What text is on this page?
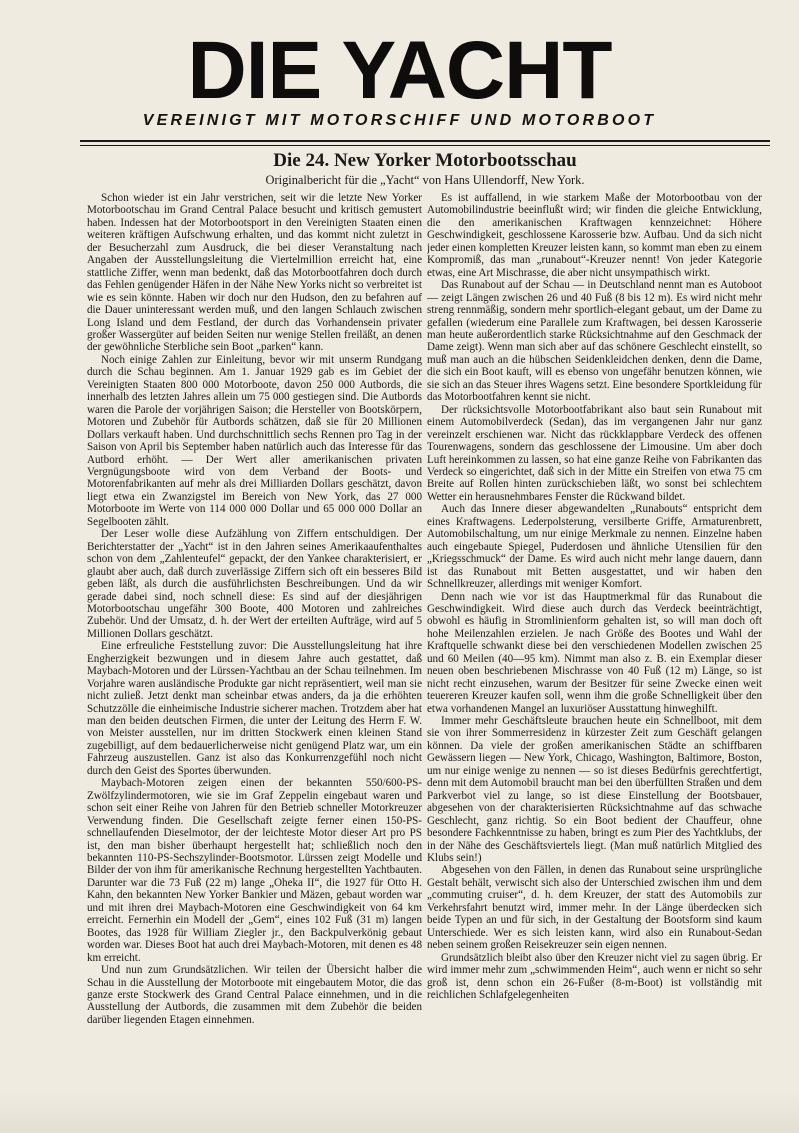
DIE YACHT
VEREINIGT MIT MOTORSCHIFF UND MOTORBOOT
Die 24. New Yorker Motorbootsschau
Originalbericht für die „Yacht“ von Hans Ullendorff, New York.

Schon wieder ist ein Jahr verstrichen, seit wir die letzte New Yorker Motorbootschau im Grand Central Palace besucht und kritisch gemustert haben. Indessen hat der Motorbootsport in den Vereinigten Staaten einen weiteren kräftigen Aufschwung erhalten, und das kommt nicht zuletzt in der Besucherzahl zum Ausdruck, die bei dieser Veranstaltung nach Angaben der Ausstellungsleitung die Viertelmillion erreicht hat, eine stattliche Ziffer, wenn man bedenkt, daß das Motorbootfahren doch durch das Fehlen genügender Häfen in der Nähe New Yorks nicht so verbreitet ist wie es sein könnte. Haben wir doch nur den Hudson, den zu befahren auf die Dauer uninteressant werden muß, und den langen Schlauch zwischen Long Island und dem Festland, der durch das Vorhandensein privater großer Wassergüter auf beiden Seiten nur wenige Stellen freiläßt, an denen der gewöhnliche Sterbliche sein Boot „parken“ kann.

Noch einige Zahlen zur Einleitung, bevor wir mit unserm Rundgang durch die Schau beginnen. Am 1. Januar 1929 gab es im Gebiet der Vereinigten Staaten 800 000 Motorboote, davon 250 000 Autbords, die innerhalb des letzten Jahres allein um 75 000 gestiegen sind. Die Autbords waren die Parole der vorjährigen Saison; die Hersteller von Bootskörpern, Motoren und Zubehör für Autbords schätzen, daß sie für 20 Millionen Dollars verkauft haben. Und durchschnittlich sechs Rennen pro Tag in der Saison von April bis September haben natürlich auch das Interesse für das Autbord erhöht. — Der Wert aller amerikanischen privaten Vergnügungsboote wird von dem Verband der Boots- und Motorenfabrikanten auf mehr als drei Milliarden Dollars geschätzt, davon liegt etwa ein Zwanzigstel im Bereich von New York, das 27 000 Motorboote im Werte von 114 000 000 Dollar und 65 000 000 Dollar an Segelbooten zählt.

Der Leser wolle diese Aufzählung von Ziffern entschuldigen. Der Berichterstatter der „Yacht“ ist in den Jahren seines Amerikaaufenthaltes schon von dem „Zahlenteufel“ gepackt, der den Yankee charakterisiert, er glaubt aber auch, daß durch zuverlässige Ziffern sich oft ein besseres Bild geben läßt, als durch die ausführlichsten Beschreibungen. Und da wir gerade dabei sind, noch schnell diese: Es sind auf der diesjährigen Motorbootschau ungefähr 300 Boote, 400 Motoren und zahlreiches Zubehör. Und der Umsatz, d. h. der Wert der erteilten Aufträge, wird auf 5 Millionen Dollars geschätzt.

Eine erfreuliche Feststellung zuvor: Die Ausstellungsleitung hat ihre Engherzigkeit bezwungen und in diesem Jahre auch gestattet, daß Maybach-Motoren und der Lürssen-Yachtbau an der Schau teilnehmen. Im Vorjahre waren ausländische Produkte gar nicht repräsentiert, weil man sie nicht zuließ. Jetzt denkt man scheinbar etwas anders, da ja die erhöhten Schutzzölle die einheimische Industrie sicherer machen. Trotzdem aber hat man den beiden deutschen Firmen, die unter der Leitung des Herrn F. W. von Meister ausstellen, nur im dritten Stockwerk einen kleinen Stand zugebilligt, auf dem bedauerlicherweise nicht genügend Platz war, um ein Fahrzeug auszustellen. Ganz ist also das Konkurrenzgefühl noch nicht durch den Geist des Sportes überwunden.

Maybach-Motoren zeigen einen der bekannten 550/600-PS-Zwölfzylindermotoren, wie sie im Graf Zeppelin eingebaut waren und schon seit einer Reihe von Jahren für den Betrieb schneller Motorkreuzer Verwendung finden. Die Gesellschaft zeigte ferner einen 150-PS- schnellaufenden Dieselmotor, der der leichteste Motor dieser Art pro PS ist, den man bisher überhaupt hergestellt hat; schließlich noch den bekannten 110-PS-Sechszylinder-Bootsmotor. Lürssen zeigt Modelle und Bilder der von ihm für amerikanische Rechnung hergestellten Yachtbauten. Darunter war die 73 Fuß (22 m) lange „Oheka II“, die 1927 für Otto H. Kahn, den bekannten New Yorker Bankier und Mäzen, gebaut worden war und mit ihren drei Maybach-Motoren eine Geschwindigkeit von 64 km erreicht. Fernerhin ein Modell der „Gem“, eines 102 Fuß (31 m) langen Bootes, das 1928 für William Ziegler jr., den Backpulverkönig gebaut worden war. Dieses Boot hat auch drei Maybach-Motoren, mit denen es 48 km erreicht.

Und nun zum Grundsätzlichen. Wir teilen der Übersicht halber die Schau in die Ausstellung der Motorboote mit eingebautem Motor, die das ganze erste Stockwerk des Grand Central Palace einnehmen, und in die Ausstellung der Autbords, die zusammen mit dem Zubehör die beiden darüber liegenden Etagen einnehmen.

Es ist auffallend, in wie starkem Maße der Motorbootbau von der Automobilindustrie beeinflußt wird; wir finden die gleiche Entwicklung, die den amerikanischen Kraftwagen kennzeichnet: Höhere Geschwindigkeit, geschlossene Karosserie bzw. Aufbau. Und da sich nicht jeder einen kompletten Kreuzer leisten kann, so kommt man eben zu einem Kompromiß, das man „runabout“-Kreuzer nennt! Von jeder Kategorie etwas, eine Art Mischrasse, die aber nicht unsympathisch wirkt.

Das Runabout auf der Schau — in Deutschland nennt man es Autoboot — zeigt Längen zwischen 26 und 40 Fuß (8 bis 12 m). Es wird nicht mehr streng rennmäßig, sondern mehr sportlich-elegant gebaut, um der Dame zu gefallen (wiederum eine Parallele zum Kraftwagen, bei dessen Karosserie man heute außerordentlich starke Rücksichtnahme auf den Geschmack der Dame zeigt). Wenn man sich aber auf das schönere Geschlecht einstellt, so muß man auch an die hübschen Seidenkleidchen denken, denn die Dame, die sich ein Boot kauft, will es ebenso von ungefähr benutzen können, wie sie sich an das Steuer ihres Wagens setzt. Eine besondere Sportkleidung für das Motorbootfahren kennt sie nicht.

Der rücksichtsvolle Motorbootfabrikant also baut sein Runabout mit einem Automobilverdeck (Sedan), das im vergangenen Jahr nur ganz vereinzelt erschienen war. Nicht das rückklappbare Verdeck des offenen Tourenwagens, sondern das geschlossene der Limousine. Um aber doch Luft hereinkommen zu lassen, so hat eine ganze Reihe von Fabrikanten das Verdeck so eingerichtet, daß sich in der Mitte ein Streifen von etwa 75 cm Breite auf Rollen hinten zurückschieben läßt, wo sonst bei schlechtem Wetter ein herausnehmbares Fenster die Rückwand bildet.

Auch das Innere dieser abgewandelten „Runabouts“ entspricht dem eines Kraftwagens. Lederpolsterung, versilberte Griffe, Armaturenbrett, Automobilschaltung, um nur einige Merkmale zu nennen. Einzelne haben auch eingebaute Spiegel, Puderdosen und ähnliche Utensilien für den „Kriegsschmuck“ der Dame. Es wird auch nicht mehr lange dauern, dann ist das Runabout mit Betten ausgestattet, und wir haben den Schnellkreuzer, allerdings mit weniger Komfort.

Denn nach wie vor ist das Hauptmerkmal für das Runabout die Geschwindigkeit. Wird diese auch durch das Verdeck beeinträchtigt, obwohl es häufig in Stromlinienform gehalten ist, so will man doch oft hohe Meilenzahlen erzielen. Je nach Größe des Bootes und Wahl der Kraftquelle schwankt diese bei den verschiedenen Modellen zwischen 25 und 60 Meilen (40—95 km). Nimmt man also z. B. ein Exemplar dieser neuen oben beschriebenen Mischrasse von 40 Fuß (12 m) Länge, so ist nicht recht einzusehen, warum der Besitzer für seine Zwecke einen weit teuereren Kreuzer kaufen soll, wenn ihm die große Schnelligkeit über den etwa vorhandenen Mangel an luxuriöser Ausstattung hinweghilft.

Immer mehr Geschäftsleute brauchen heute ein Schnellboot, mit dem sie von ihrer Sommerresidenz in kürzester Zeit zum Geschäft gelangen können. Da viele der großen amerikanischen Städte an schiffbaren Gewässern liegen — New York, Chicago, Washington, Baltimore, Boston, um nur einige wenige zu nennen — so ist dieses Bedürfnis gerechtfertigt, denn mit dem Automobil braucht man bei den überfüllten Straßen und dem Parkverbot viel zu lange, so ist diese Einstellung der Bootsbauer, abgesehen von der charakterisierten Rücksichtnahme auf das schwache Geschlecht, ganz richtig. So ein Boot bedient der Chauffeur, ohne besondere Fachkenntnisse zu haben, bringt es zum Pier des Yachtklubs, der in der Nähe des Geschäftsviertels liegt. (Man muß natürlich Mitglied des Klubs sein!)

Abgesehen von den Fällen, in denen das Runabout seine ursprüngliche Gestalt behält, verwischt sich also der Unterschied zwischen ihm und dem „commuting cruiser“, d. h. dem Kreuzer, der statt des Automobils zur Verkehrsfahrt benutzt wird, immer mehr. In der Länge überdecken sich beide Typen an und für sich, in der Gestaltung der Bootsform sind kaum Unterschiede. Wer es sich leisten kann, wird also ein Runabout-Sedan neben seinem großen Reisekreuzer sein eigen nennen.

Grundsätzlich bleibt also über den Kreuzer nicht viel zu sagen übrig. Er wird immer mehr zum „schwimmenden Heim“, auch wenn er nicht so sehr groß ist, denn schon ein 26-Fußer (8-m-Boot) ist vollständig mit reichlichen Schlafgelegenheiten
